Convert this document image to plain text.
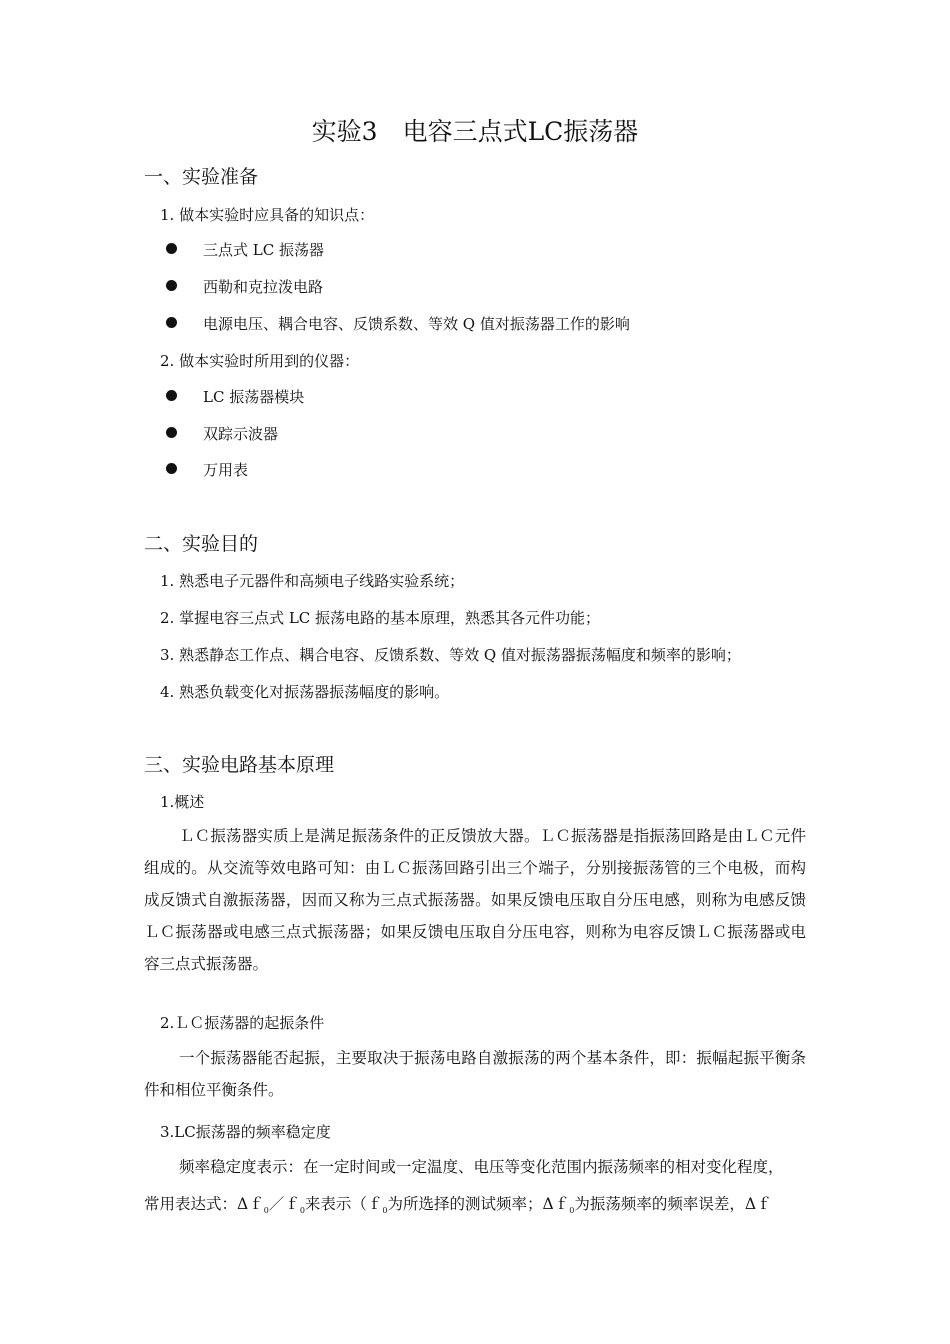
实验3　电容三点式LC振荡器
一、实验准备
1. 做本实验时应具备的知识点：
三点式 LC 振荡器
西勒和克拉泼电路
电源电压、耦合电容、反馈系数、等效 Q 值对振荡器工作的影响
2. 做本实验时所用到的仪器：
LC 振荡器模块
双踪示波器
万用表
二、实验目的
1. 熟悉电子元器件和高频电子线路实验系统；
2. 掌握电容三点式 LC 振荡电路的基本原理，熟悉其各元件功能；
3. 熟悉静态工作点、耦合电容、反馈系数、等效 Q 值对振荡器振荡幅度和频率的影响；
4. 熟悉负载变化对振荡器振荡幅度的影响。
三、实验电路基本原理
1.概述

ＬＣ振荡器实质上是满足振荡条件的正反馈放大器。ＬＣ振荡器是指振荡回路是由ＬＣ元件组成的。从交流等效电路可知：由ＬＣ振荡回路引出三个端子，分别接振荡管的三个电极，而构成反馈式自激振荡器，因而又称为三点式振荡器。如果反馈电压取自分压电感，则称为电感反馈ＬＣ振荡器或电感三点式振荡器；如果反馈电压取自分压电容，则称为电容反馈ＬＣ振荡器或电容三点式振荡器。

2.ＬＣ振荡器的起振条件

一个振荡器能否起振，主要取决于振荡电路自激振荡的两个基本条件，即：振幅起振平衡条件和相位平衡条件。

3.LC振荡器的频率稳定度

频率稳定度表示：在一定时间或一定温度、电压等变化范围内振荡频率的相对变化程度，

常用表达式：Δｆ$_0$／ｆ$_0$来表示（ｆ$_0$为所选择的测试频率；Δｆ$_0$为振荡频率的频率误差，Δｆ
